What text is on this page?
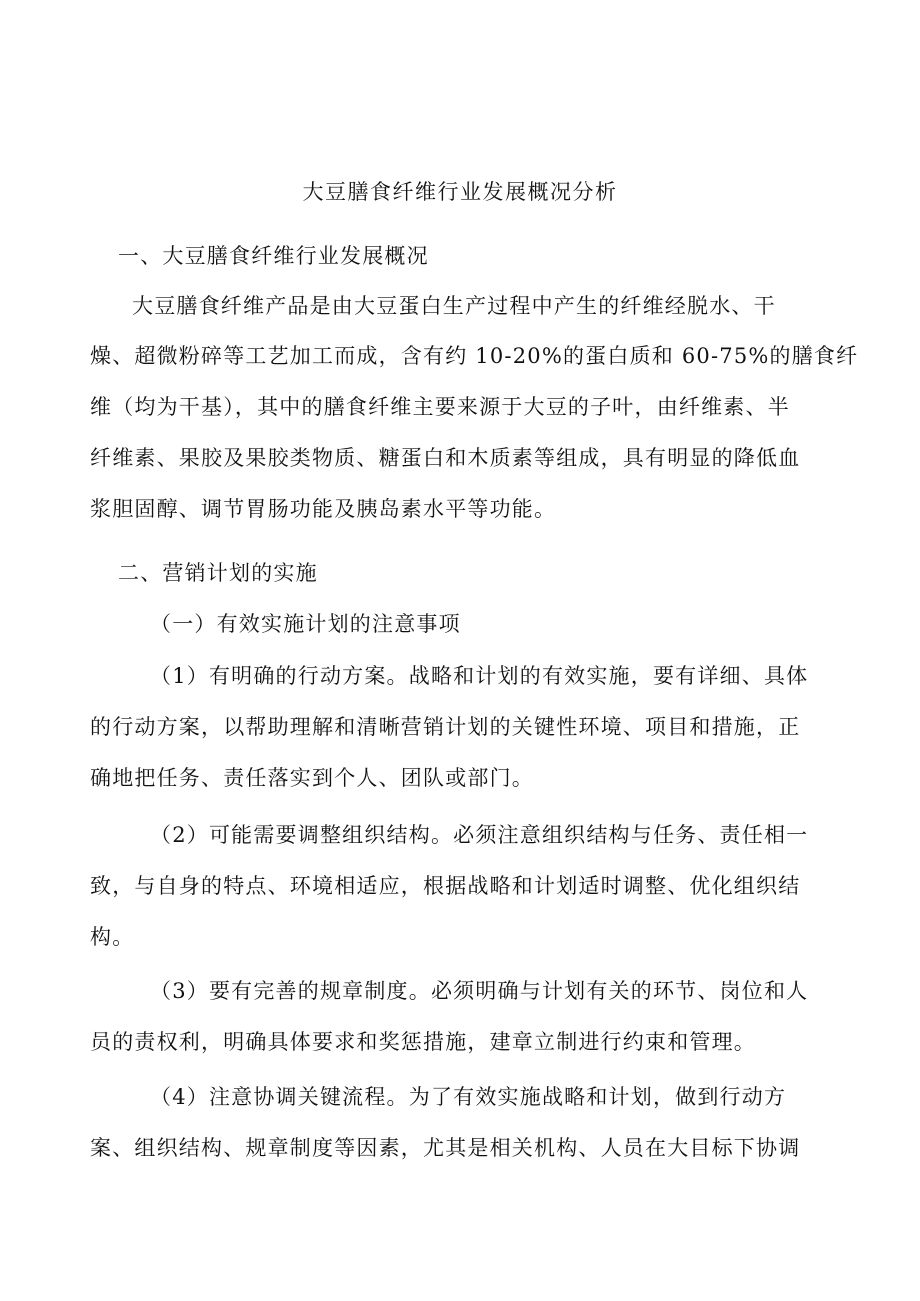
大豆膳食纤维行业发展概况分析
一、大豆膳食纤维行业发展概况
大豆膳食纤维产品是由大豆蛋白生产过程中产生的纤维经脱水、干
燥、超微粉碎等工艺加工而成，含有约 10-20%的蛋白质和 60-75%的膳食纤
维（均为干基），其中的膳食纤维主要来源于大豆的子叶，由纤维素、半
纤维素、果胶及果胶类物质、糖蛋白和木质素等组成，具有明显的降低血
浆胆固醇、调节胃肠功能及胰岛素水平等功能。
二、营销计划的实施
（一）有效实施计划的注意事项
（1）有明确的行动方案。战略和计划的有效实施，要有详细、具体
的行动方案，以帮助理解和清晰营销计划的关键性环境、项目和措施，正
确地把任务、责任落实到个人、团队或部门。
（2）可能需要调整组织结构。必须注意组织结构与任务、责任相一
致，与自身的特点、环境相适应，根据战略和计划适时调整、优化组织结
构。
（3）要有完善的规章制度。必须明确与计划有关的环节、岗位和人
员的责权利，明确具体要求和奖惩措施，建章立制进行约束和管理。
（4）注意协调关键流程。为了有效实施战略和计划，做到行动方
案、组织结构、规章制度等因素，尤其是相关机构、人员在大目标下协调
